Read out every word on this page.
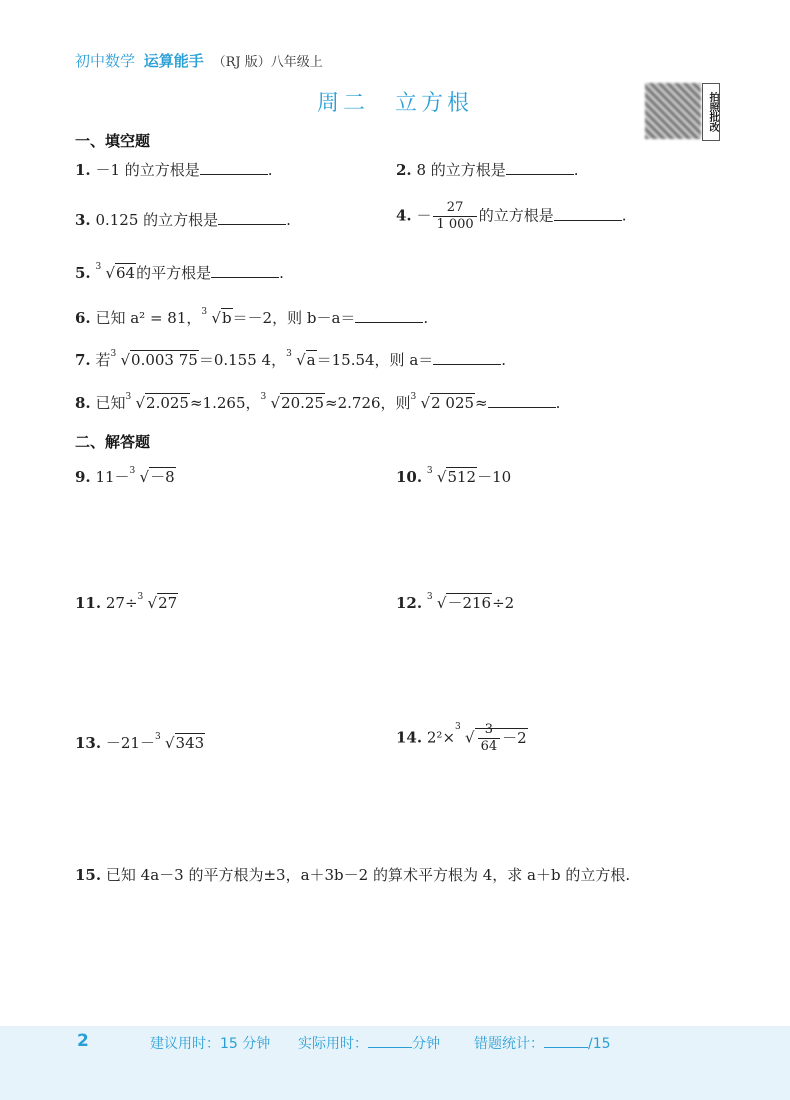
初中数学 运算能手 （RJ 版）八年级上
周二　立方根	拍照批改
一、填空题
1. －1 的立方根是	.	2. 8 的立方根是	.
3. 0.125 的立方根是	.	4. － $\frac{27}{1 000}$ 的立方根是	.
5. √
3 64的平方根是	.
6. 已知 a² = 81， √
3 b＝－2，则 b－a＝	.
7. 若 √
3 0.003 75＝0.155 4， √
3 a＝15.54，则 a＝	.
8. 已知 √
3 2.025≈1.265， √
3 20.25≈2.726，则 √
3 2 025≈	.
二、解答题
9. 11－ √
3 －8	10. √
3 512－10
11. 27÷ √
3 27	12. √
3 －216÷2
13. －21－ √
3 343	14. 2²× √
$3 \frac{3}{64} -2$
15. 已知 4a－3 的平方根为±3，a＋3b－2 的算术平方根为 4，求 a＋b 的立方根.
2	建议用时：15 分钟 实际用时：	分钟 错题统计：	/15
